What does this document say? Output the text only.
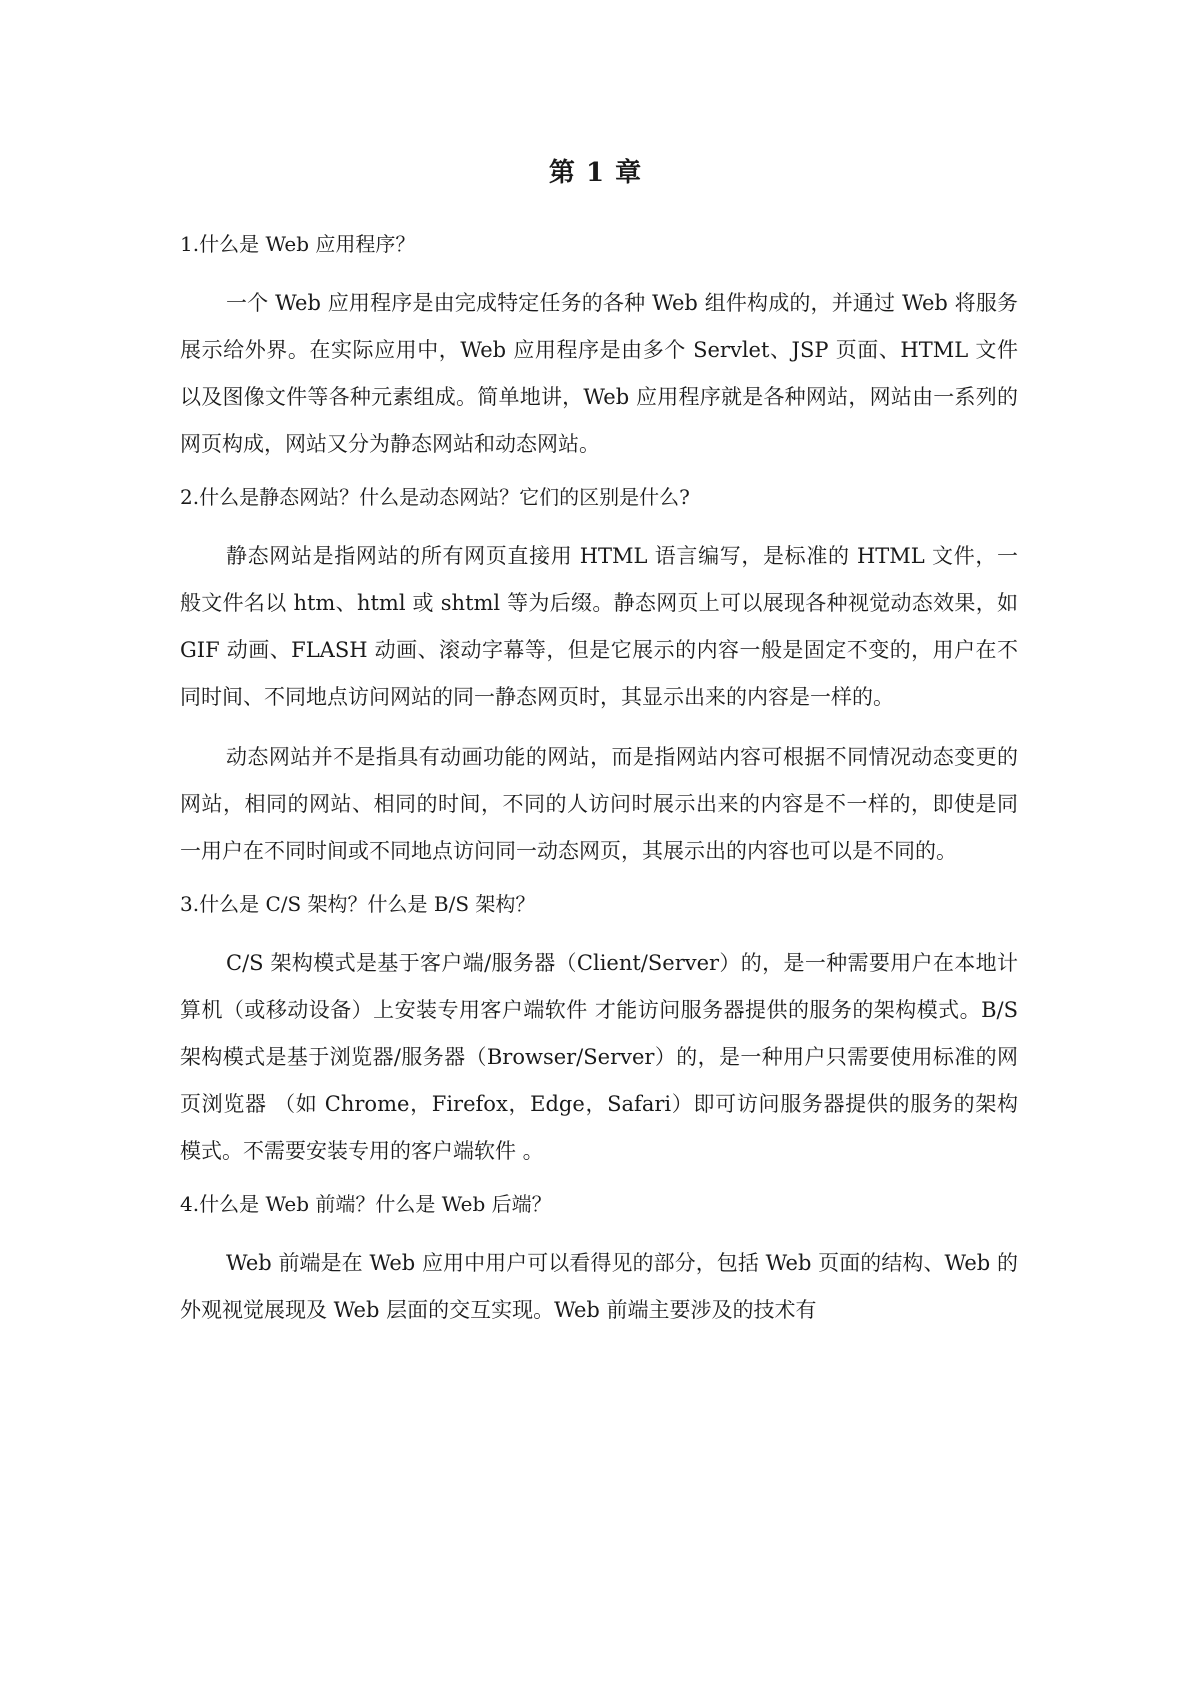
第 1 章
1.什么是 Web 应用程序？
一个 Web 应用程序是由完成特定任务的各种 Web 组件构成的，并通过 Web 将服务展示给外界。在实际应用中，Web 应用程序是由多个 Servlet、JSP 页面、HTML 文件以及图像文件等各种元素组成。简单地讲，Web 应用程序就是各种网站，网站由一系列的网页构成，网站又分为静态网站和动态网站。
2.什么是静态网站？什么是动态网站？它们的区别是什么?
静态网站是指网站的所有网页直接用 HTML 语言编写，是标准的 HTML 文件，一般文件名以 htm、html 或 shtml 等为后缀。静态网页上可以展现各种视觉动态效果，如 GIF 动画、FLASH 动画、滚动字幕等，但是它展示的内容一般是固定不变的，用户在不同时间、不同地点访问网站的同一静态网页时，其显示出来的内容是一样的。
动态网站并不是指具有动画功能的网站，而是指网站内容可根据不同情况动态变更的网站，相同的网站、相同的时间，不同的人访问时展示出来的内容是不一样的，即使是同一用户在不同时间或不同地点访问同一动态网页，其展示出的内容也可以是不同的。
3.什么是 C/S 架构？什么是 B/S 架构？
C/S 架构模式是基于客户端/服务器（Client/Server）的，是一种需要用户在本地计算机（或移动设备）上安装专用客户端软件 才能访问服务器提供的服务的架构模式。B/S 架构模式是基于浏览器/服务器（Browser/Server）的，是一种用户只需要使用标准的网页浏览器 （如 Chrome，Firefox，Edge，Safari）即可访问服务器提供的服务的架构模式。不需要安装专用的客户端软件 。
4.什么是 Web 前端？什么是 Web 后端？
Web 前端是在 Web 应用中用户可以看得见的部分，包括 Web 页面的结构、Web 的外观视觉展现及 Web 层面的交互实现。Web 前端主要涉及的技术有
